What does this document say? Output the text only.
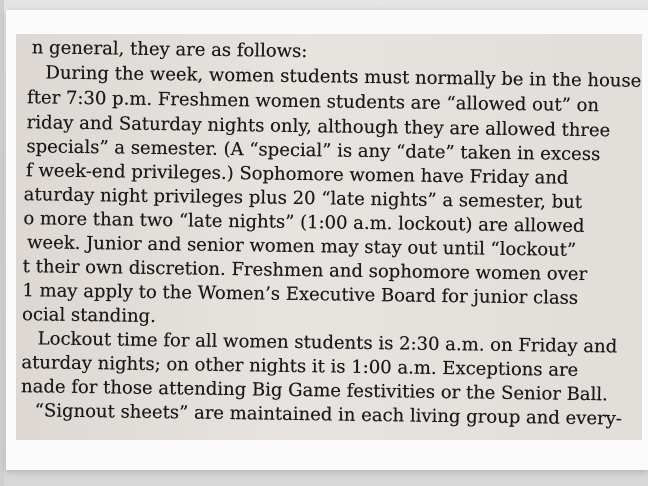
n general, they are as follows:
During the week, women students must normally be in the house
fter 7:30 p.m. Freshmen women students are “allowed out” on
riday and Saturday nights only, although they are allowed three
specials” a semester. (A “special” is any “date” taken in excess
f week-end privileges.) Sophomore women have Friday and
aturday night privileges plus 20 “late nights” a semester, but
o more than two “late nights” (1:00 a.m. lockout) are allowed
week. Junior and senior women may stay out until “lockout”
t their own discretion. Freshmen and sophomore women over
1 may apply to the Women’s Executive Board for junior class
ocial standing.
Lockout time for all women students is 2:30 a.m. on Friday and
aturday nights; on other nights it is 1:00 a.m. Exceptions are
nade for those attending Big Game festivities or the Senior Ball.
“Signout sheets” are maintained in each living group and every-
